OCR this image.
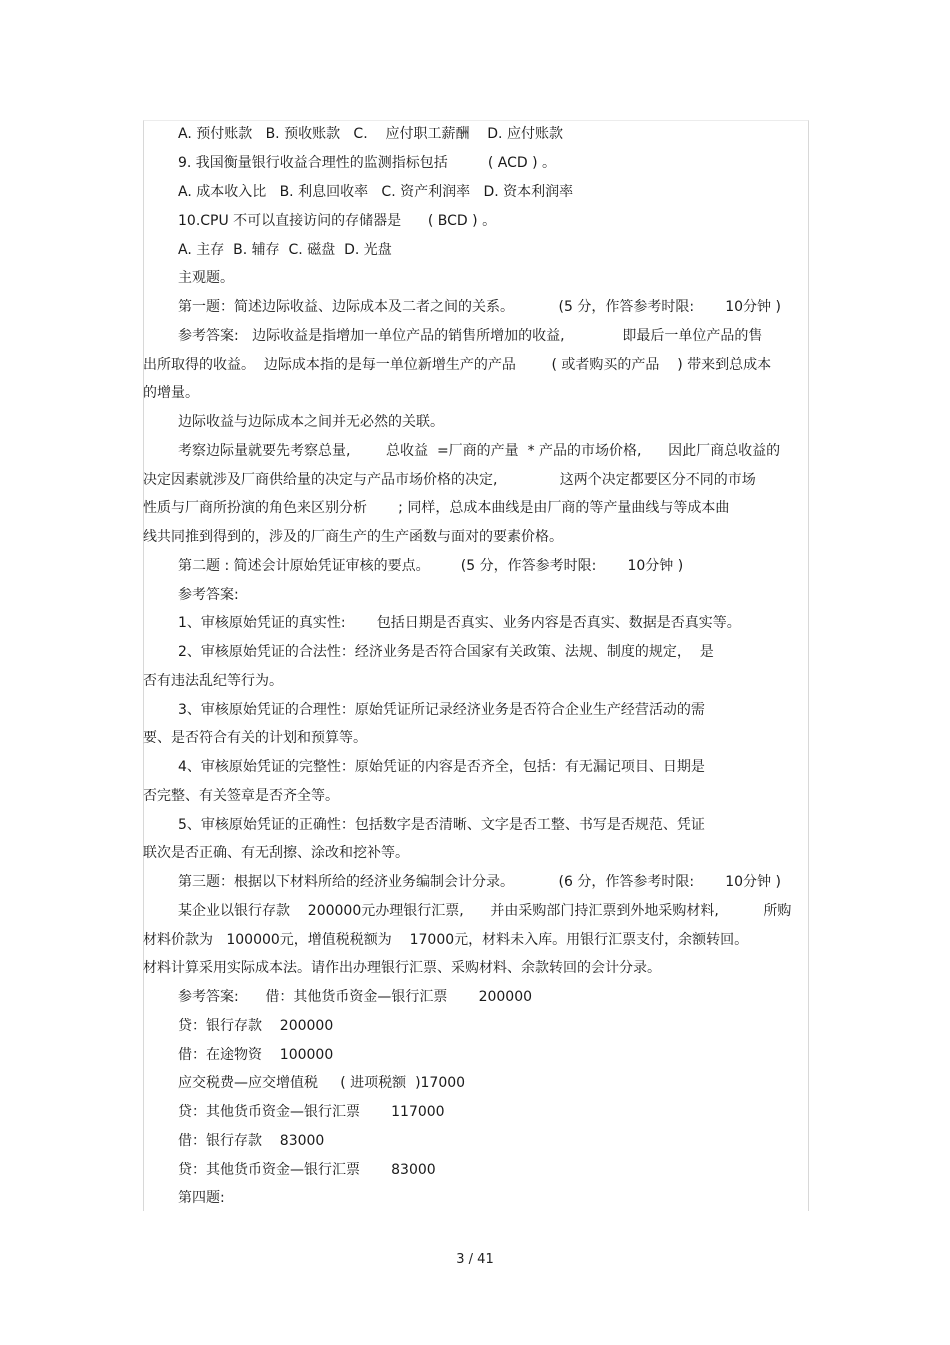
A. 预付账款   B. 预收账款   C.    应付职工薪酬    D. 应付账款
9. 我国衡量银行收益合理性的监测指标包括         ( ACD ) 。
A. 成本收入比   B. 利息回收率   C. 资产利润率   D. 资本利润率
10.CPU 不可以直接访问的存储器是      ( BCD ) 。
A. 主存  B. 辅存  C. 磁盘  D. 光盘
主观题。
第一题：简述边际收益、边际成本及二者之间的关系。          (5 分，作答参考时限:       10分钟 )
参考答案:   边际收益是指增加一单位产品的销售所增加的收益,             即最后一单位产品的售
出所取得的收益。  边际成本指的是每一单位新增生产的产品        ( 或者购买的产品    ) 带来到总成本
的增量。
边际收益与边际成本之间并无必然的关联。
考察边际量就要先考察总量,        总收益  =厂商的产量  * 产品的市场价格,      因此厂商总收益的
决定因素就涉及厂商供给量的决定与产品市场价格的决定,              这两个决定都要区分不同的市场
性质与厂商所扮演的角色来区别分析       ; 同样，总成本曲线是由厂商的等产量曲线与等成本曲
线共同推到得到的，涉及的厂商生产的生产函数与面对的要素价格。
第二题 : 简述会计原始凭证审核的要点。       (5 分，作答参考时限:       10分钟 )
参考答案:
1、审核原始凭证的真实性:       包括日期是否真实、业务内容是否真实、数据是否真实等。
2、审核原始凭证的合法性：经济业务是否符合国家有关政策、法规、制度的规定，  是
否有违法乱纪等行为。
3、审核原始凭证的合理性：原始凭证所记录经济业务是否符合企业生产经营活动的需
要、是否符合有关的计划和预算等。
4、审核原始凭证的完整性：原始凭证的内容是否齐全，包括：有无漏记项目、日期是
否完整、有关签章是否齐全等。
5、审核原始凭证的正确性：包括数字是否清晰、文字是否工整、书写是否规范、凭证
联次是否正确、有无刮擦、涂改和挖补等。
第三题：根据以下材料所给的经济业务编制会计分录。          (6 分，作答参考时限:       10分钟 )
某企业以银行存款    200000元办理银行汇票,      并由采购部门持汇票到外地采购材料,          所购
材料价款为   100000元，增值税税额为    17000元，材料未入库。用银行汇票支付，余额转回。
材料计算采用实际成本法。请作出办理银行汇票、采购材料、余款转回的会计分录。
参考答案:      借：其他货币资金—银行汇票       200000
贷：银行存款    200000
借：在途物资    100000
应交税费—应交增值税     ( 进项税额  )17000
贷：其他货币资金—银行汇票       117000
借：银行存款    83000
贷：其他货币资金—银行汇票       83000
第四题:
3 / 41
